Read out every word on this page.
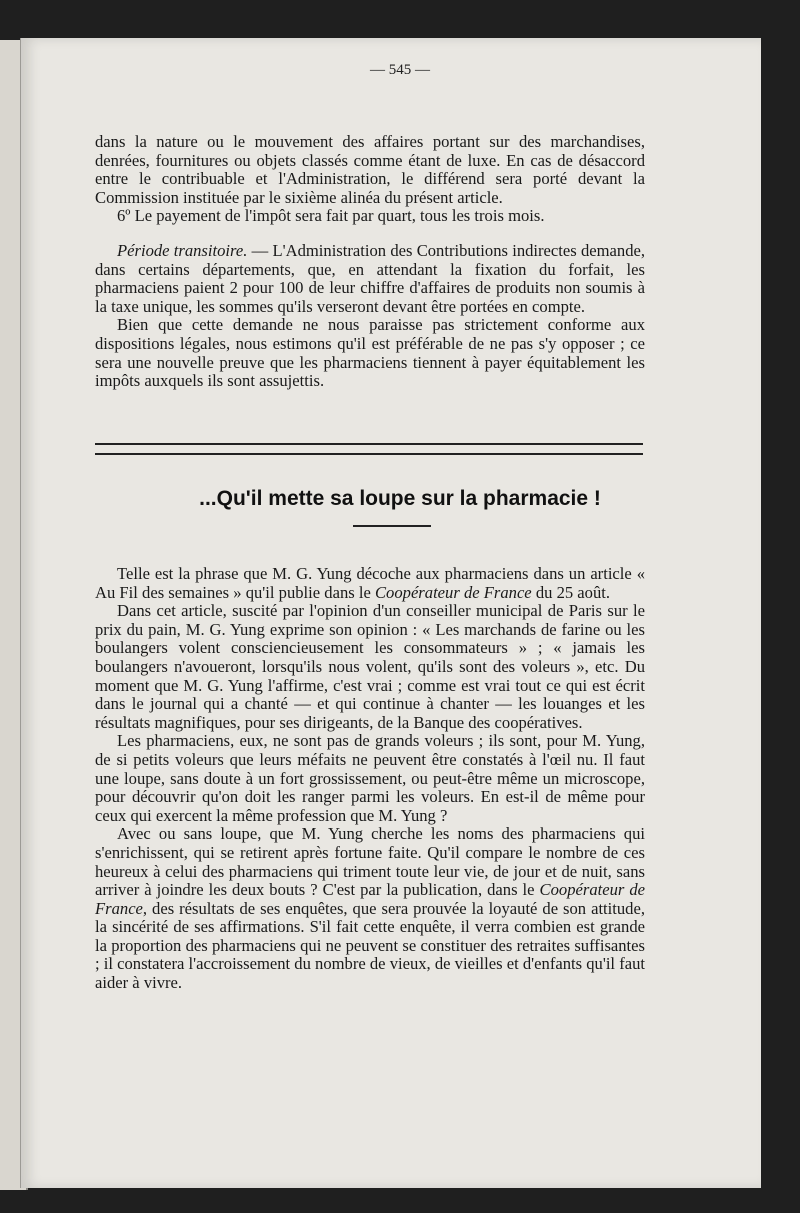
— 545 —

dans la nature ou le mouvement des affaires portant sur des marchandises, denrées, fournitures ou objets classés comme étant de luxe. En cas de désaccord entre le contribuable et l'Administration, le différend sera porté devant la Commission instituée par le sixième alinéa du présent article.

6º Le payement de l'impôt sera fait par quart, tous les trois mois.

Période transitoire. — L'Administration des Contributions indirectes demande, dans certains départements, que, en attendant la fixation du forfait, les pharmaciens paient 2 pour 100 de leur chiffre d'affaires de produits non soumis à la taxe unique, les sommes qu'ils verseront devant être portées en compte.

Bien que cette demande ne nous paraisse pas strictement conforme aux dispositions légales, nous estimons qu'il est préférable de ne pas s'y opposer ; ce sera une nouvelle preuve que les pharmaciens tiennent à payer équitablement les impôts auxquels ils sont assujettis.

...Qu'il mette sa loupe sur la pharmacie !

Telle est la phrase que M. G. Yung décoche aux pharmaciens dans un article « Au Fil des semaines » qu'il publie dans le Coopérateur de France du 25 août.

Dans cet article, suscité par l'opinion d'un conseiller municipal de Paris sur le prix du pain, M. G. Yung exprime son opinion : « Les marchands de farine ou les boulangers volent consciencieusement les consommateurs » ; « jamais les boulangers n'avoueront, lorsqu'ils nous volent, qu'ils sont des voleurs », etc. Du moment que M. G. Yung l'affirme, c'est vrai ; comme est vrai tout ce qui est écrit dans le journal qui a chanté — et qui continue à chanter — les louanges et les résultats magnifiques, pour ses dirigeants, de la Banque des coopératives.

Les pharmaciens, eux, ne sont pas de grands voleurs ; ils sont, pour M. Yung, de si petits voleurs que leurs méfaits ne peuvent être constatés à l'œil nu. Il faut une loupe, sans doute à un fort grossissement, ou peut-être même un microscope, pour découvrir qu'on doit les ranger parmi les voleurs. En est-il de même pour ceux qui exercent la même profession que M. Yung ?

Avec ou sans loupe, que M. Yung cherche les noms des pharmaciens qui s'enrichissent, qui se retirent après fortune faite. Qu'il compare le nombre de ces heureux à celui des pharmaciens qui triment toute leur vie, de jour et de nuit, sans arriver à joindre les deux bouts ? C'est par la publication, dans le Coopérateur de France, des résultats de ses enquêtes, que sera prouvée la loyauté de son attitude, la sincérité de ses affirmations. S'il fait cette enquête, il verra combien est grande la proportion des pharmaciens qui ne peuvent se constituer des retraites suffisantes ; il constatera l'accroissement du nombre de vieux, de vieilles et d'enfants qu'il faut aider à vivre.
